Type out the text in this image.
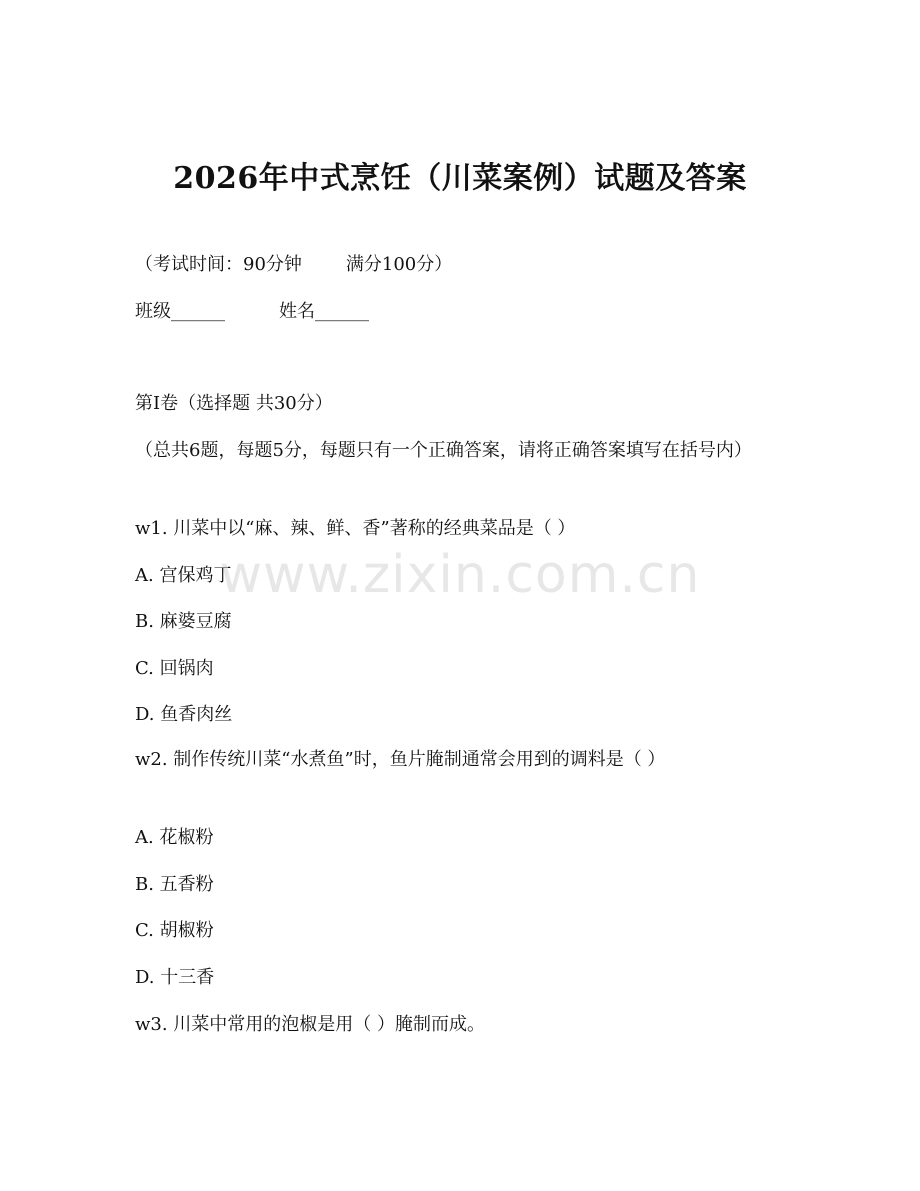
2026年中式烹饪（川菜案例）试题及答案
（考试时间：90分钟 满分100分）
班级______	姓名______
第Ⅰ卷（选择题 共30分）
（总共6题，每题5分，每题只有一个正确答案，请将正确答案填写在括号内）
w1. 川菜中以“麻、辣、鲜、香”著称的经典菜品是（ ）
A. 宫保鸡丁
B. 麻婆豆腐
C. 回锅肉
D. 鱼香肉丝
w2. 制作传统川菜“水煮鱼”时，鱼片腌制通常会用到的调料是（ ）
A. 花椒粉
B. 五香粉
C. 胡椒粉
D. 十三香
w3. 川菜中常用的泡椒是用（ ）腌制而成。
www.zixin.com.cn
